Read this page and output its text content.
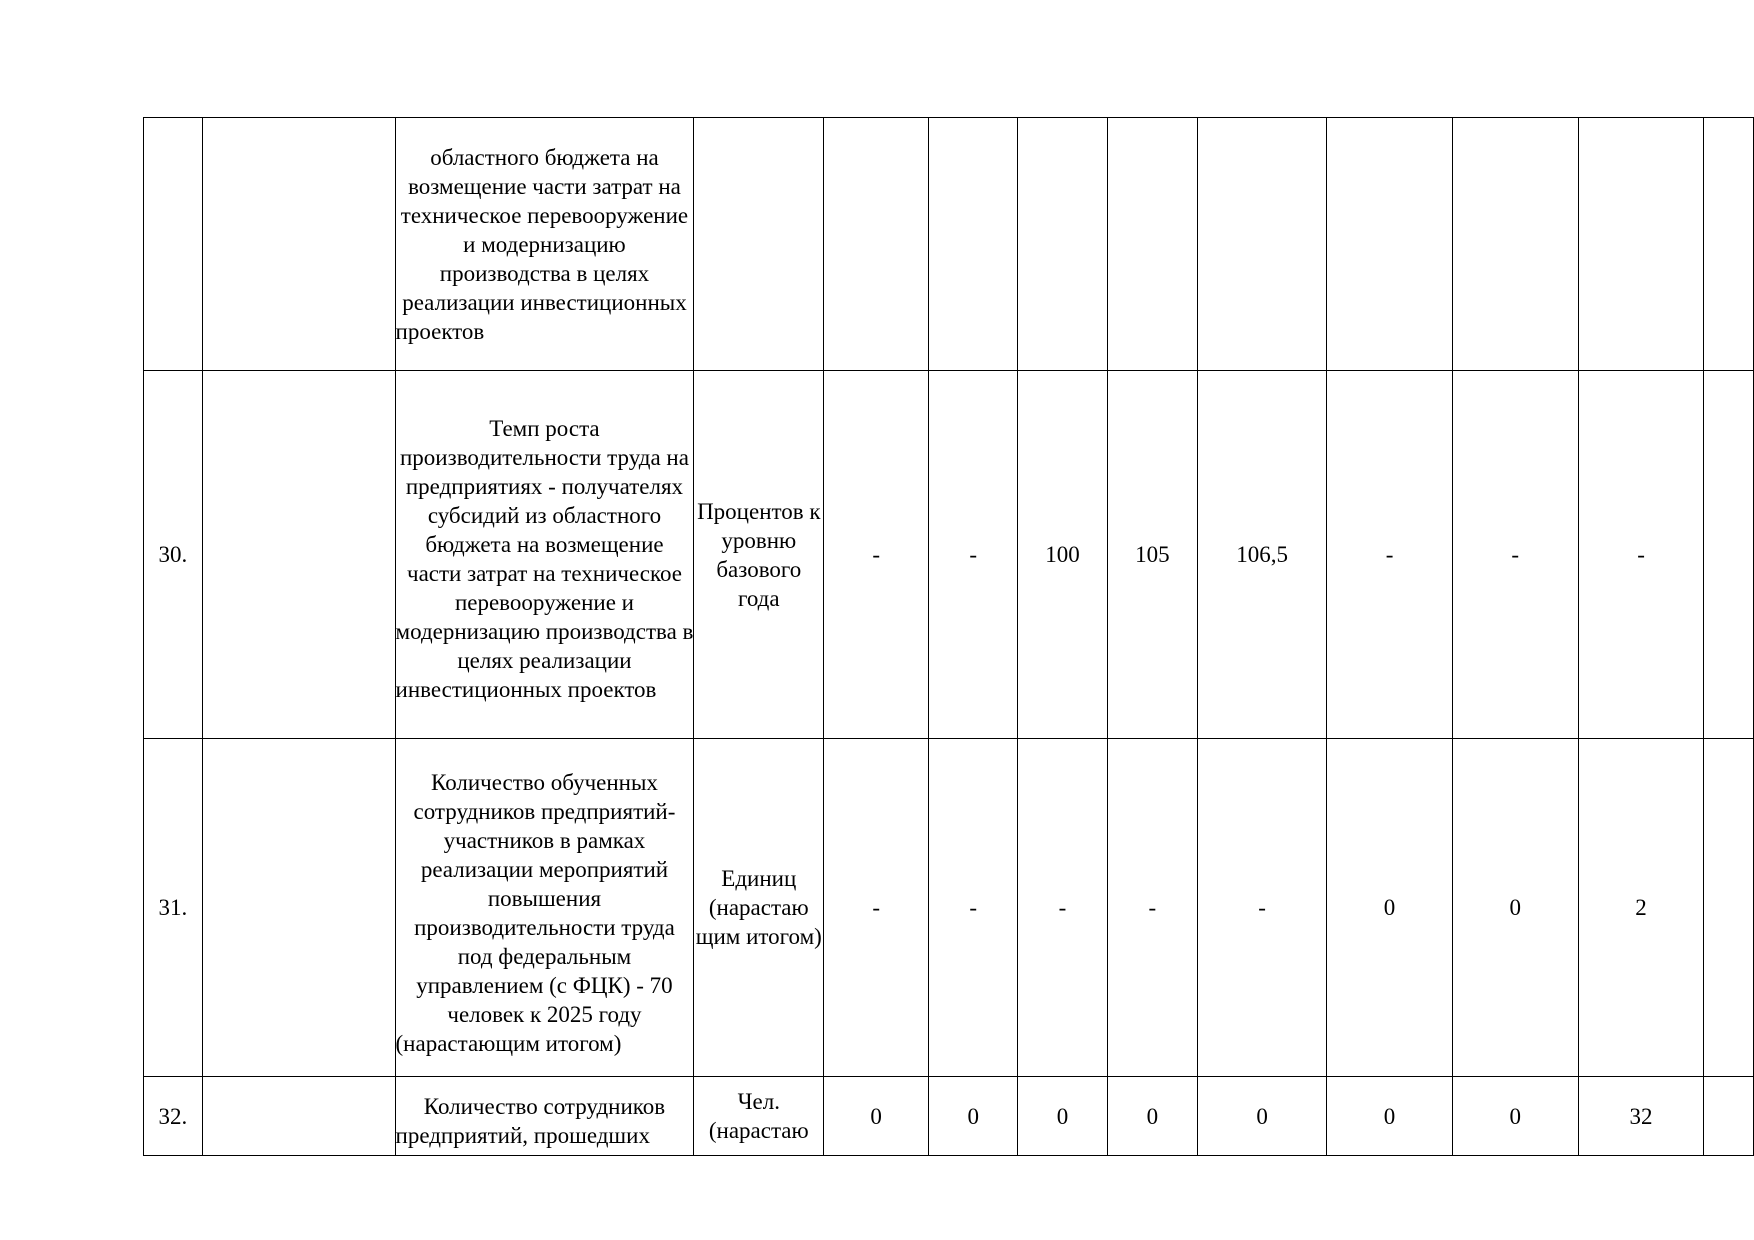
		областного бюджета на возмещение части затрат на техническое перевооружение и модернизацию производства в целях реализации инвестиционных проектов										
30.		Темп роста производительности труда на предприятиях - получателях субсидий из областного бюджета на возмещение части затрат на техническое перевооружение и модернизацию производства в целях реализации инвестиционных проектов	Процентов к уровню базового года	-	-	100	105	106,5	-	-	-	
31.		Количество обученных сотрудников предприятий-участников в рамках реализации мероприятий повышения производительности труда под федеральным управлением (с ФЦК) - 70 человек к 2025 году (нарастающим итогом)	Единиц (нарастаю щим итогом)	-	-	-	-	-	0	0	2	
32.		Количество сотрудников предприятий, прошедших	Чел. (нарастаю	0	0	0	0	0	0	0	32	
